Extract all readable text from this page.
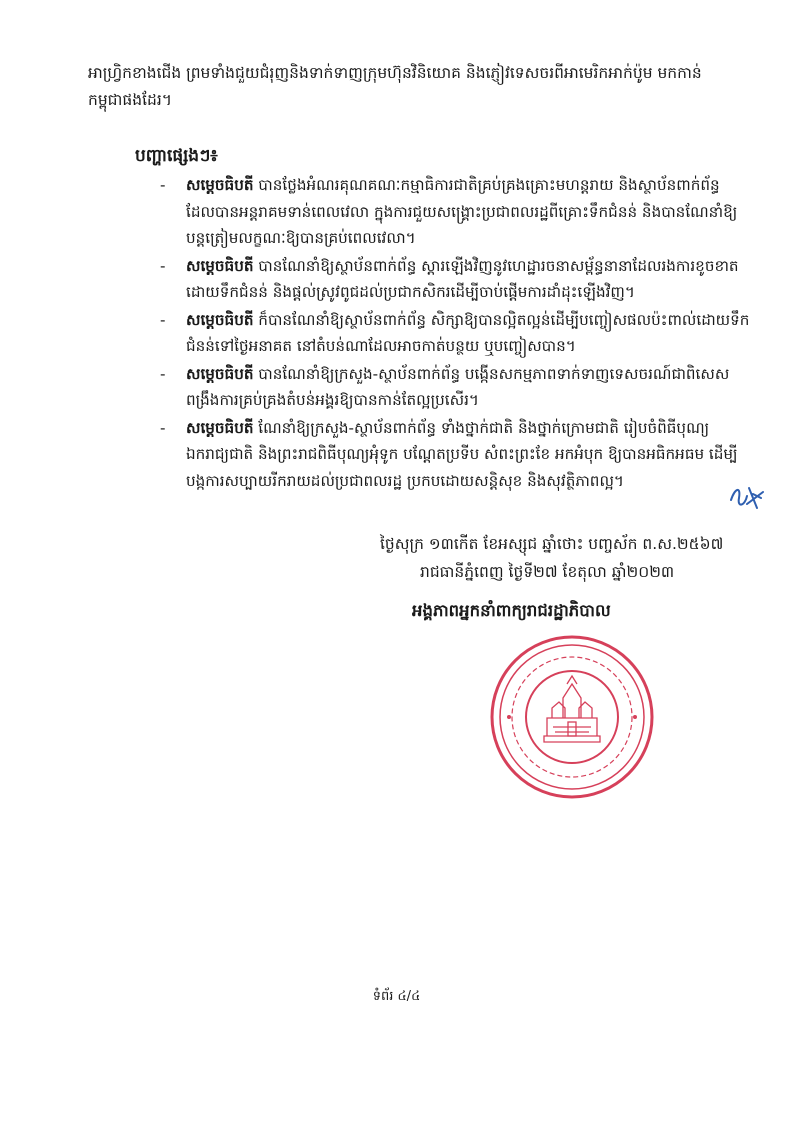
អាហ្វ្រិកខាងជើង ព្រមទាំងជួយជំរុញនិងទាក់ទាញក្រុមហ៊ុនវិនិយោគ និងភ្ញៀវទេសចរពីអាមេរិកអាក់ប៉ូម មកកាន់កម្ពុជាផងដែរ។
បញ្ហាផ្សេងៗ៖
- សម្ដេចធិបតី បានថ្លែងអំណរគុណគណៈកម្មាធិការជាតិគ្រប់គ្រងគ្រោះមហន្តរាយ និងស្ថាប័នពាក់ព័ន្ធ ដែលបានអន្តរាគមទាន់ពេលវេលា ក្នុងការជួយសង្គ្រោះប្រជាពលរដ្ឋពីគ្រោះទឹកជំនន់ និងបានណែនាំឱ្យបន្តត្រៀមលក្ខណៈឱ្យបានគ្រប់ពេលវេលា។
- សម្ដេចធិបតី បានណែនាំឱ្យស្ថាប័នពាក់ព័ន្ធ ស្តារឡើងវិញនូវហេដ្ឋារចនាសម្ព័ន្ធនានាដែលរងការខូចខាតដោយទឹកជំនន់ និងផ្ដល់ស្រូវពូជដល់ប្រជាកសិករដើម្បីចាប់ផ្ដើមការដាំដុះឡើងវិញ។
- សម្ដេចធិបតី ក៏បានណែនាំឱ្យស្ថាប័នពាក់ព័ន្ធ សិក្សាឱ្យបានល្អិតល្អន់ដើម្បីបញ្ចៀសផលប៉ះពាល់ដោយទឹកជំនន់ទៅថ្ងៃអនាគត នៅតំបន់ណាដែលអាចកាត់បន្ថយ ឬបញ្ចៀសបាន។
- សម្ដេចធិបតី បានណែនាំឱ្យក្រសួង-ស្ថាប័នពាក់ព័ន្ធ បង្កើនសកម្មភាពទាក់ទាញទេសចរណ៍ជាពិសេសពង្រឹងការគ្រប់គ្រងតំបន់អង្គរឱ្យបានកាន់តែល្អប្រសើរ។
- សម្ដេចធិបតី ណែនាំឱ្យក្រសួង-ស្ថាប័នពាក់ព័ន្ធ ទាំងថ្នាក់ជាតិ និងថ្នាក់ក្រោមជាតិ រៀបចំពិធីបុណ្យឯករាជ្យជាតិ និងព្រះរាជពិធីបុណ្យអុំទូក បណ្ដែតប្រទីប សំពះព្រះខែ អកអំបុក ឱ្យបានអធិកអធម ដើម្បីបង្កការសប្បាយរីករាយដល់ប្រជាពលរដ្ឋ ប្រកបដោយសន្តិសុខ និងសុវត្ថិភាពល្អ។
ថ្ងៃសុក្រ ១៣កើត ខែអស្សុជ ឆ្នាំថោះ បញ្ចស័ក ព.ស.២៥៦៧
រាជធានីភ្នំពេញ ថ្ងៃទី២៧ ខែតុលា ឆ្នាំ២០២៣
អង្គភាពអ្នកនាំពាក្យរាជរដ្ឋាភិបាល
ទំព័រ ៤/៤
